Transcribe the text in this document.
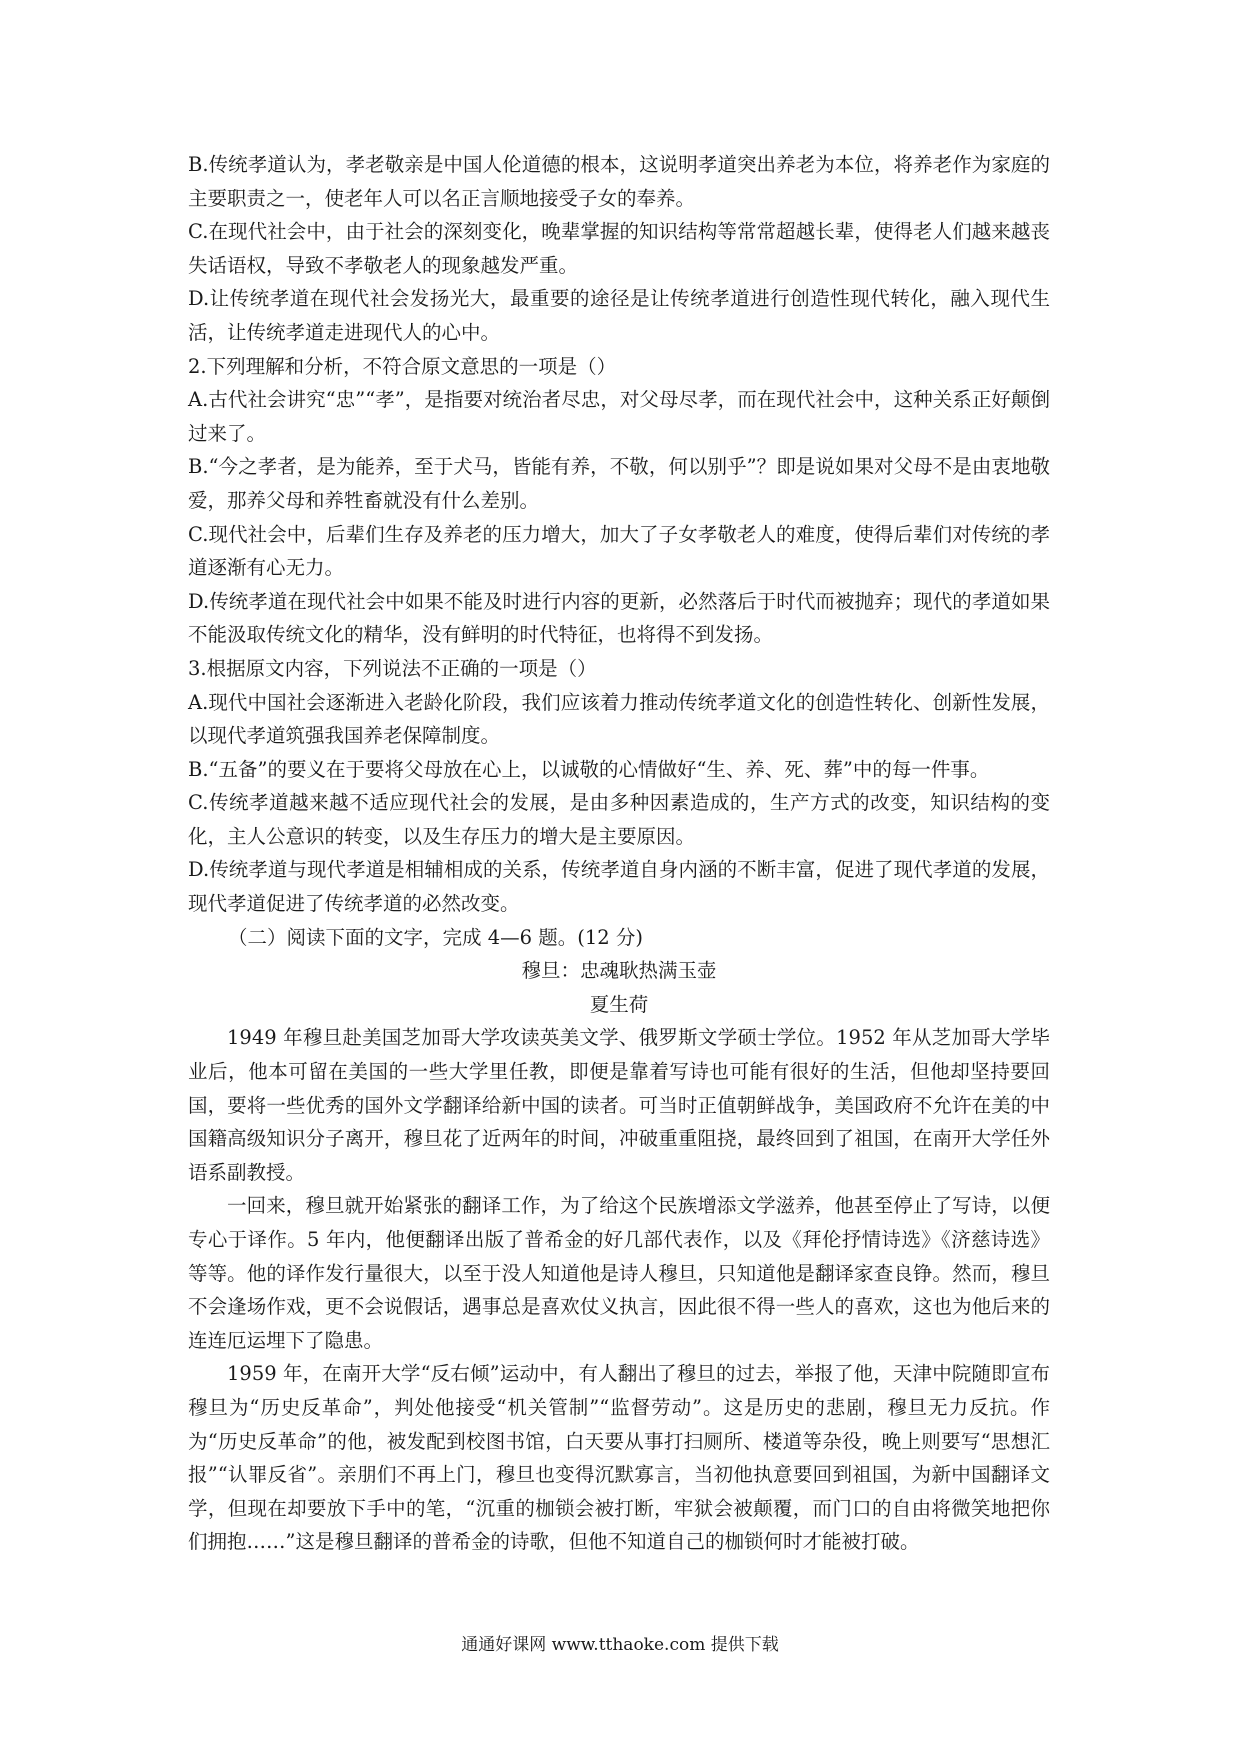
B.传统孝道认为，孝老敬亲是中国人伦道德的根本，这说明孝道突出养老为本位，将养老作为家庭的主要职责之一，使老年人可以名正言顺地接受子女的奉养。

C.在现代社会中，由于社会的深刻变化，晚辈掌握的知识结构等常常超越长辈，使得老人们越来越丧失话语权，导致不孝敬老人的现象越发严重。

D.让传统孝道在现代社会发扬光大，最重要的途径是让传统孝道进行创造性现代转化，融入现代生活，让传统孝道走进现代人的心中。

2.下列理解和分析，不符合原文意思的一项是（）

A.古代社会讲究“忠”“孝”，是指要对统治者尽忠，对父母尽孝，而在现代社会中，这种关系正好颠倒过来了。

B.“今之孝者，是为能养，至于犬马，皆能有养，不敬，何以别乎”？即是说如果对父母不是由衷地敬爱，那养父母和养牲畜就没有什么差别。

C.现代社会中，后辈们生存及养老的压力增大，加大了子女孝敬老人的难度，使得后辈们对传统的孝道逐渐有心无力。

D.传统孝道在现代社会中如果不能及时进行内容的更新，必然落后于时代而被抛弃；现代的孝道如果不能汲取传统文化的精华，没有鲜明的时代特征，也将得不到发扬。

3.根据原文内容，下列说法不正确的一项是（）

A.现代中国社会逐渐进入老龄化阶段，我们应该着力推动传统孝道文化的创造性转化、创新性发展，以现代孝道筑强我国养老保障制度。

B.“五备”的要义在于要将父母放在心上，以诚敬的心情做好“生、养、死、葬”中的每一件事。

C.传统孝道越来越不适应现代社会的发展，是由多种因素造成的，生产方式的改变，知识结构的变化，主人公意识的转变，以及生存压力的增大是主要原因。

D.传统孝道与现代孝道是相辅相成的关系，传统孝道自身内涵的不断丰富，促进了现代孝道的发展，现代孝道促进了传统孝道的必然改变。

（二）阅读下面的文字，完成 4—6 题。(12 分)

穆旦：忠魂耿热满玉壶

夏生荷

1949 年穆旦赴美国芝加哥大学攻读英美文学、俄罗斯文学硕士学位。1952 年从芝加哥大学毕业后，他本可留在美国的一些大学里任教，即便是靠着写诗也可能有很好的生活，但他却坚持要回国，要将一些优秀的国外文学翻译给新中国的读者。可当时正值朝鲜战争，美国政府不允许在美的中国籍高级知识分子离开，穆旦花了近两年的时间，冲破重重阻挠，最终回到了祖国，在南开大学任外语系副教授。

一回来，穆旦就开始紧张的翻译工作，为了给这个民族增添文学滋养，他甚至停止了写诗，以便专心于译作。5 年内，他便翻译出版了普希金的好几部代表作，以及《拜伦抒情诗选》《济慈诗选》等等。他的译作发行量很大，以至于没人知道他是诗人穆旦，只知道他是翻译家查良铮。然而，穆旦不会逢场作戏，更不会说假话，遇事总是喜欢仗义执言，因此很不得一些人的喜欢，这也为他后来的连连厄运埋下了隐患。

1959 年，在南开大学“反右倾”运动中，有人翻出了穆旦的过去，举报了他，天津中院随即宣布穆旦为“历史反革命”，判处他接受“机关管制”“监督劳动”。这是历史的悲剧，穆旦无力反抗。作为“历史反革命”的他，被发配到校图书馆，白天要从事打扫厕所、楼道等杂役，晚上则要写“思想汇报”“认罪反省”。亲朋们不再上门，穆旦也变得沉默寡言，当初他执意要回到祖国，为新中国翻译文学，但现在却要放下手中的笔，“沉重的枷锁会被打断，牢狱会被颠覆，而门口的自由将微笑地把你们拥抱……”这是穆旦翻译的普希金的诗歌，但他不知道自己的枷锁何时才能被打破。

通通好课网 www.tthaoke.com 提供下载
